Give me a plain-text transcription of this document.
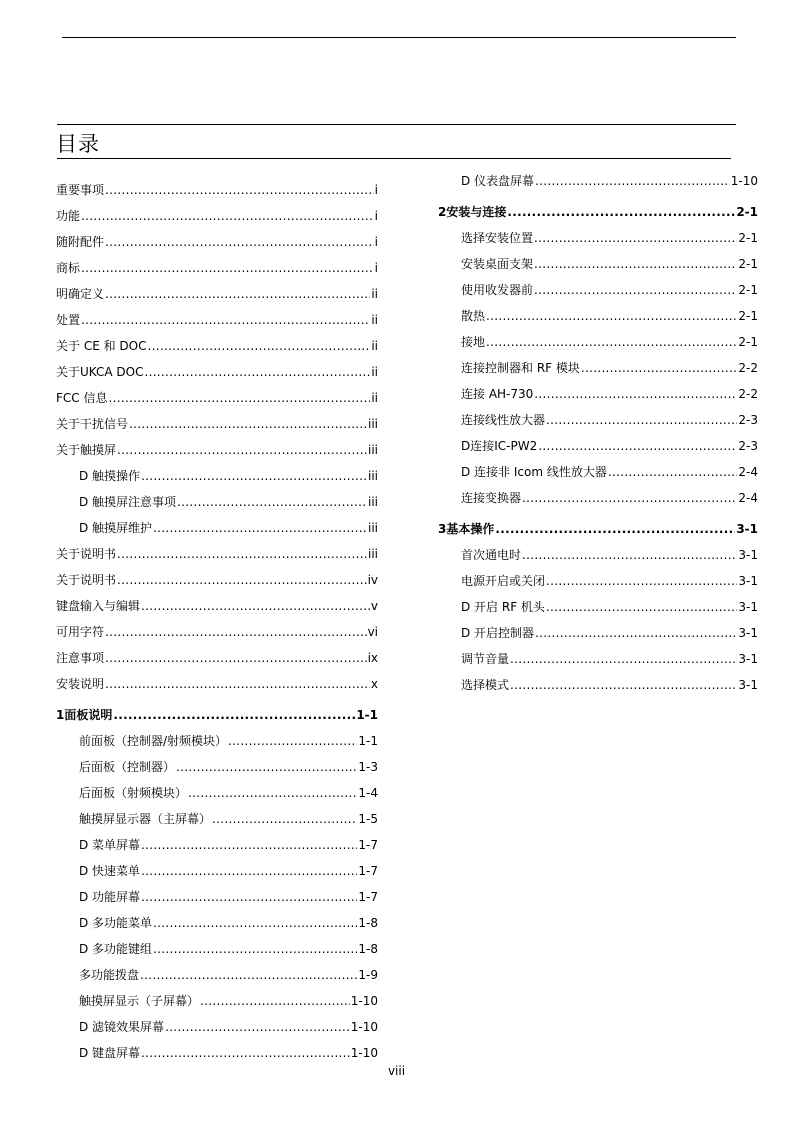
目录
重要事项 .....	i
功能 .....	i
随附配件 .....	i
商标 .....	i
明确定义 .....	ii
处置 .....	ii
关于 CE 和 DOC .....	ii
关于UKCA DOC .....	ii
FCC 信息 .....	ii
关于干扰信号 .....	iii
关于触摸屏 .....	iii
D 触摸操作 .....	iii
D 触摸屏注意事项 .....	iii
D 触摸屏维护 .....	iii
关于说明书 .....	iii
关于说明书 .....	iv
键盘输入与编辑 .....	v
可用字符 .....	vi
注意事项 .....	ix
安装说明 .....	x
1 面板说明 .....	1-1
前面板（控制器/射频模块） .....	1-1
后面板（控制器） .....	1-3
后面板（射频模块） .....	1-4
触摸屏显示器（主屏幕） .....	1-5
D 菜单屏幕 .....	1-7
D 快速菜单 .....	1-7
D 功能屏幕 .....	1-7
D 多功能菜单 .....	1-8
D 多功能键组 .....	1-8
多功能拨盘 .....	1-9
触摸屏显示（子屏幕） .....	1-10
D 滤镜效果屏幕 .....	1-10
D 键盘屏幕 .....	1-10
D 仪表盘屏幕 .....	1-10
2 安装与连接 .....	2-1
选择安装位置 .....	2-1
安装桌面支架 .....	2-1
使用收发器前 .....	2-1
散热 .....	2-1
接地 .....	2-1
连接控制器和 RF 模块 .....	2-2
连接 AH-730 .....	2-2
连接线性放大器 .....	2-3
D连接IC-PW2 .....	2-3
D 连接非 Icom 线性放大器 .....	2-4
连接变换器 .....	2-4
3 基本操作 .....	3-1
首次通电时 .....	3-1
电源开启或关闭 .....	3-1
D 开启 RF 机头 .....	3-1
D 开启控制器 .....	3-1
调节音量 .....	3-1
选择模式 .....	3-1
viii
